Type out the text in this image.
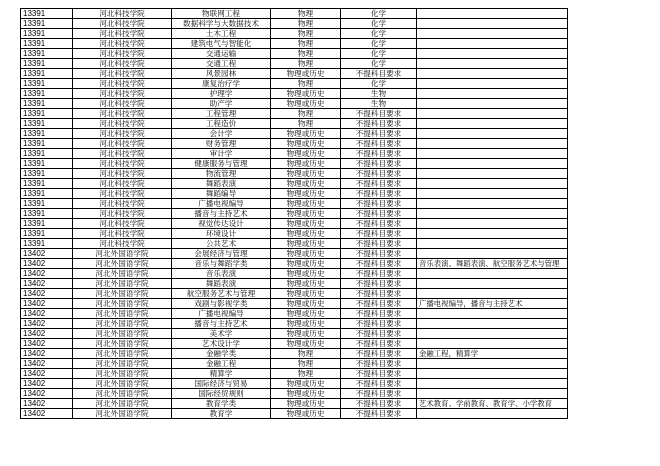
13391	河北科技学院	物联网工程	物理	化学	
13391	河北科技学院	数据科学与大数据技术	物理	化学	
13391	河北科技学院	土木工程	物理	化学	
13391	河北科技学院	建筑电气与智能化	物理	化学	
13391	河北科技学院	交通运输	物理	化学	
13391	河北科技学院	交通工程	物理	化学	
13391	河北科技学院	风景园林	物理或历史	不提科目要求	
13391	河北科技学院	康复治疗学	物理	化学	
13391	河北科技学院	护理学	物理或历史	生物	
13391	河北科技学院	助产学	物理或历史	生物	
13391	河北科技学院	工程管理	物理	不提科目要求	
13391	河北科技学院	工程造价	物理	不提科目要求	
13391	河北科技学院	会计学	物理或历史	不提科目要求	
13391	河北科技学院	财务管理	物理或历史	不提科目要求	
13391	河北科技学院	审计学	物理或历史	不提科目要求	
13391	河北科技学院	健康服务与管理	物理或历史	不提科目要求	
13391	河北科技学院	物流管理	物理或历史	不提科目要求	
13391	河北科技学院	舞蹈表演	物理或历史	不提科目要求	
13391	河北科技学院	舞蹈编导	物理或历史	不提科目要求	
13391	河北科技学院	广播电视编导	物理或历史	不提科目要求	
13391	河北科技学院	播音与主持艺术	物理或历史	不提科目要求	
13391	河北科技学院	视觉传达设计	物理或历史	不提科目要求	
13391	河北科技学院	环境设计	物理或历史	不提科目要求	
13391	河北科技学院	公共艺术	物理或历史	不提科目要求	
13402	河北外国语学院	会展经济与管理	物理或历史	不提科目要求	
13402	河北外国语学院	音乐与舞蹈学类	物理或历史	不提科目要求	音乐表演、舞蹈表演、航空服务艺术与管理
13402	河北外国语学院	音乐表演	物理或历史	不提科目要求	
13402	河北外国语学院	舞蹈表演	物理或历史	不提科目要求	
13402	河北外国语学院	航空服务艺术与管理	物理或历史	不提科目要求	
13402	河北外国语学院	戏剧与影视学类	物理或历史	不提科目要求	广播电视编导，播音与主持艺术
13402	河北外国语学院	广播电视编导	物理或历史	不提科目要求	
13402	河北外国语学院	播音与主持艺术	物理或历史	不提科目要求	
13402	河北外国语学院	美术学	物理或历史	不提科目要求	
13402	河北外国语学院	艺术设计学	物理或历史	不提科目要求	
13402	河北外国语学院	金融学类	物理	不提科目要求	金融工程，精算学
13402	河北外国语学院	金融工程	物理	不提科目要求	
13402	河北外国语学院	精算学	物理	不提科目要求	
13402	河北外国语学院	国际经济与贸易	物理或历史	不提科目要求	
13402	河北外国语学院	国际经贸规则	物理或历史	不提科目要求	
13402	河北外国语学院	教育学类	物理或历史	不提科目要求	艺术教育、学前教育、教育学、小学教育
13402	河北外国语学院	教育学	物理或历史	不提科目要求	
